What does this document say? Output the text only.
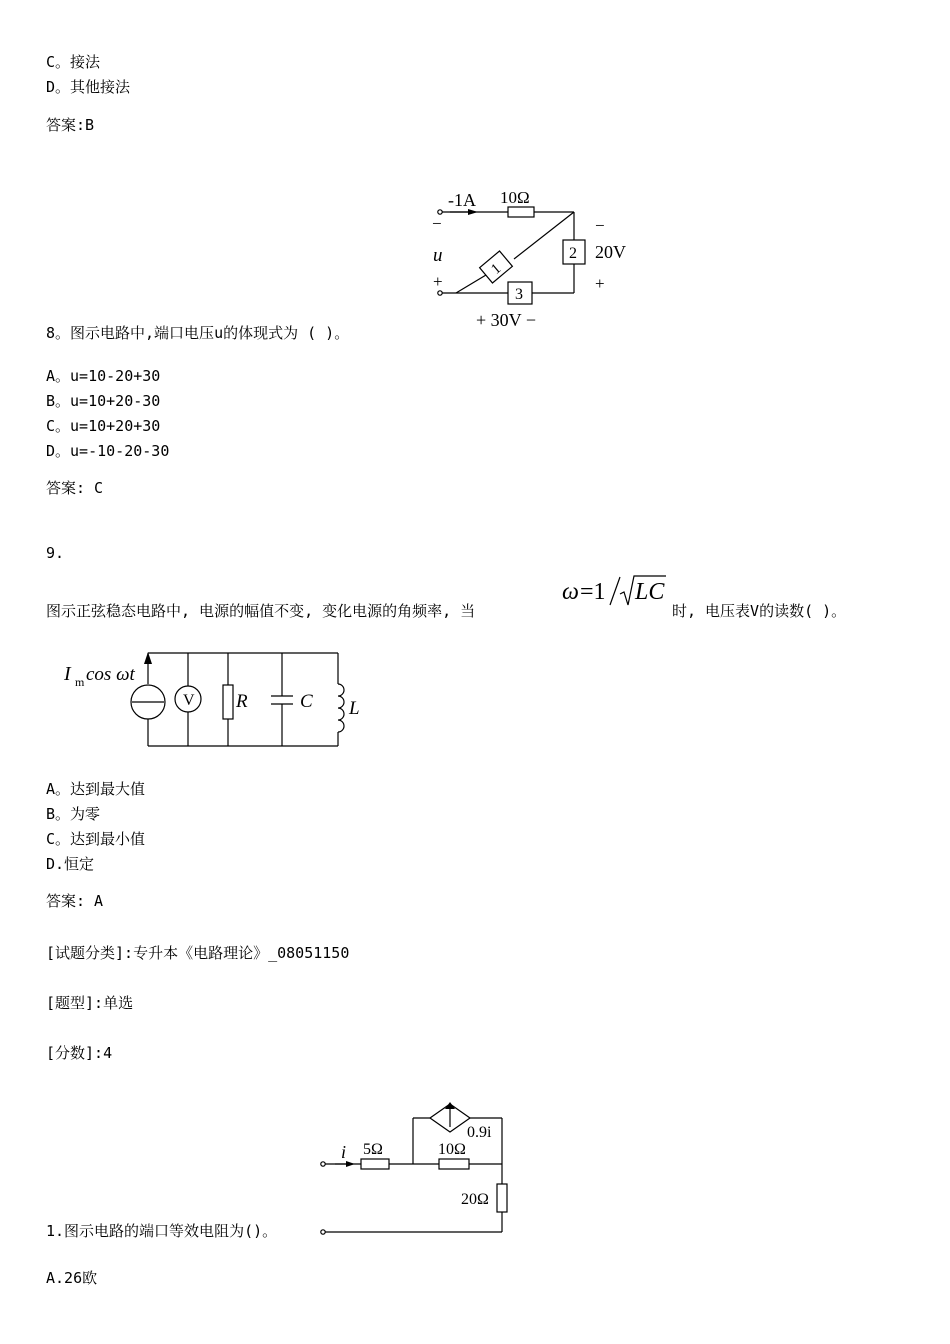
C。接法
D。其他接法
答案:B
-1A 10Ω
−
u
+
1
2
3
−
20V
+
+ 30V −
8。图示电路中,端口电压u的体现式为 ( )。
A。u=10-20+30
B。u=10+20-30
C。u=10+20+30
D。u=-10-20-30
答案: C
9.
图示正弦稳态电路中, 电源的幅值不变, 变化电源的角频率, 当
ω =1 LC
时, 电压表V的读数( )。
I m cos ωt
V R	C L
A。达到最大值
B。为零
C。达到最小值
D.恒定
答案: A
[试题分类]:专升本《电路理论》_08051150
[题型]:单选
[分数]:4
i 5Ω	10Ω
0.9i
20Ω
1.图示电路的端口等效电阻为()。
A.26欧
